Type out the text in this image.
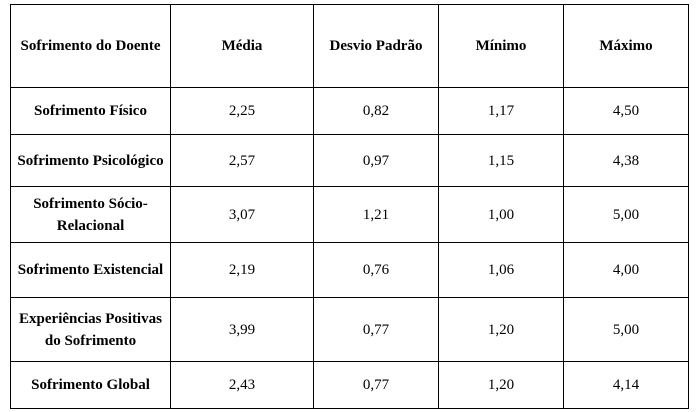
Sofrimento do Doente	Média	Desvio Padrão	Mínimo	Máximo
Sofrimento Físico	2,25	0,82	1,17	4,50
Sofrimento Psicológico	2,57	0,97	1,15	4,38
Sofrimento Sócio-Relacional	3,07	1,21	1,00	5,00
Sofrimento Existencial	2,19	0,76	1,06	4,00
Experiências Positivas do Sofrimento	3,99	0,77	1,20	5,00
Sofrimento Global	2,43	0,77	1,20	4,14
